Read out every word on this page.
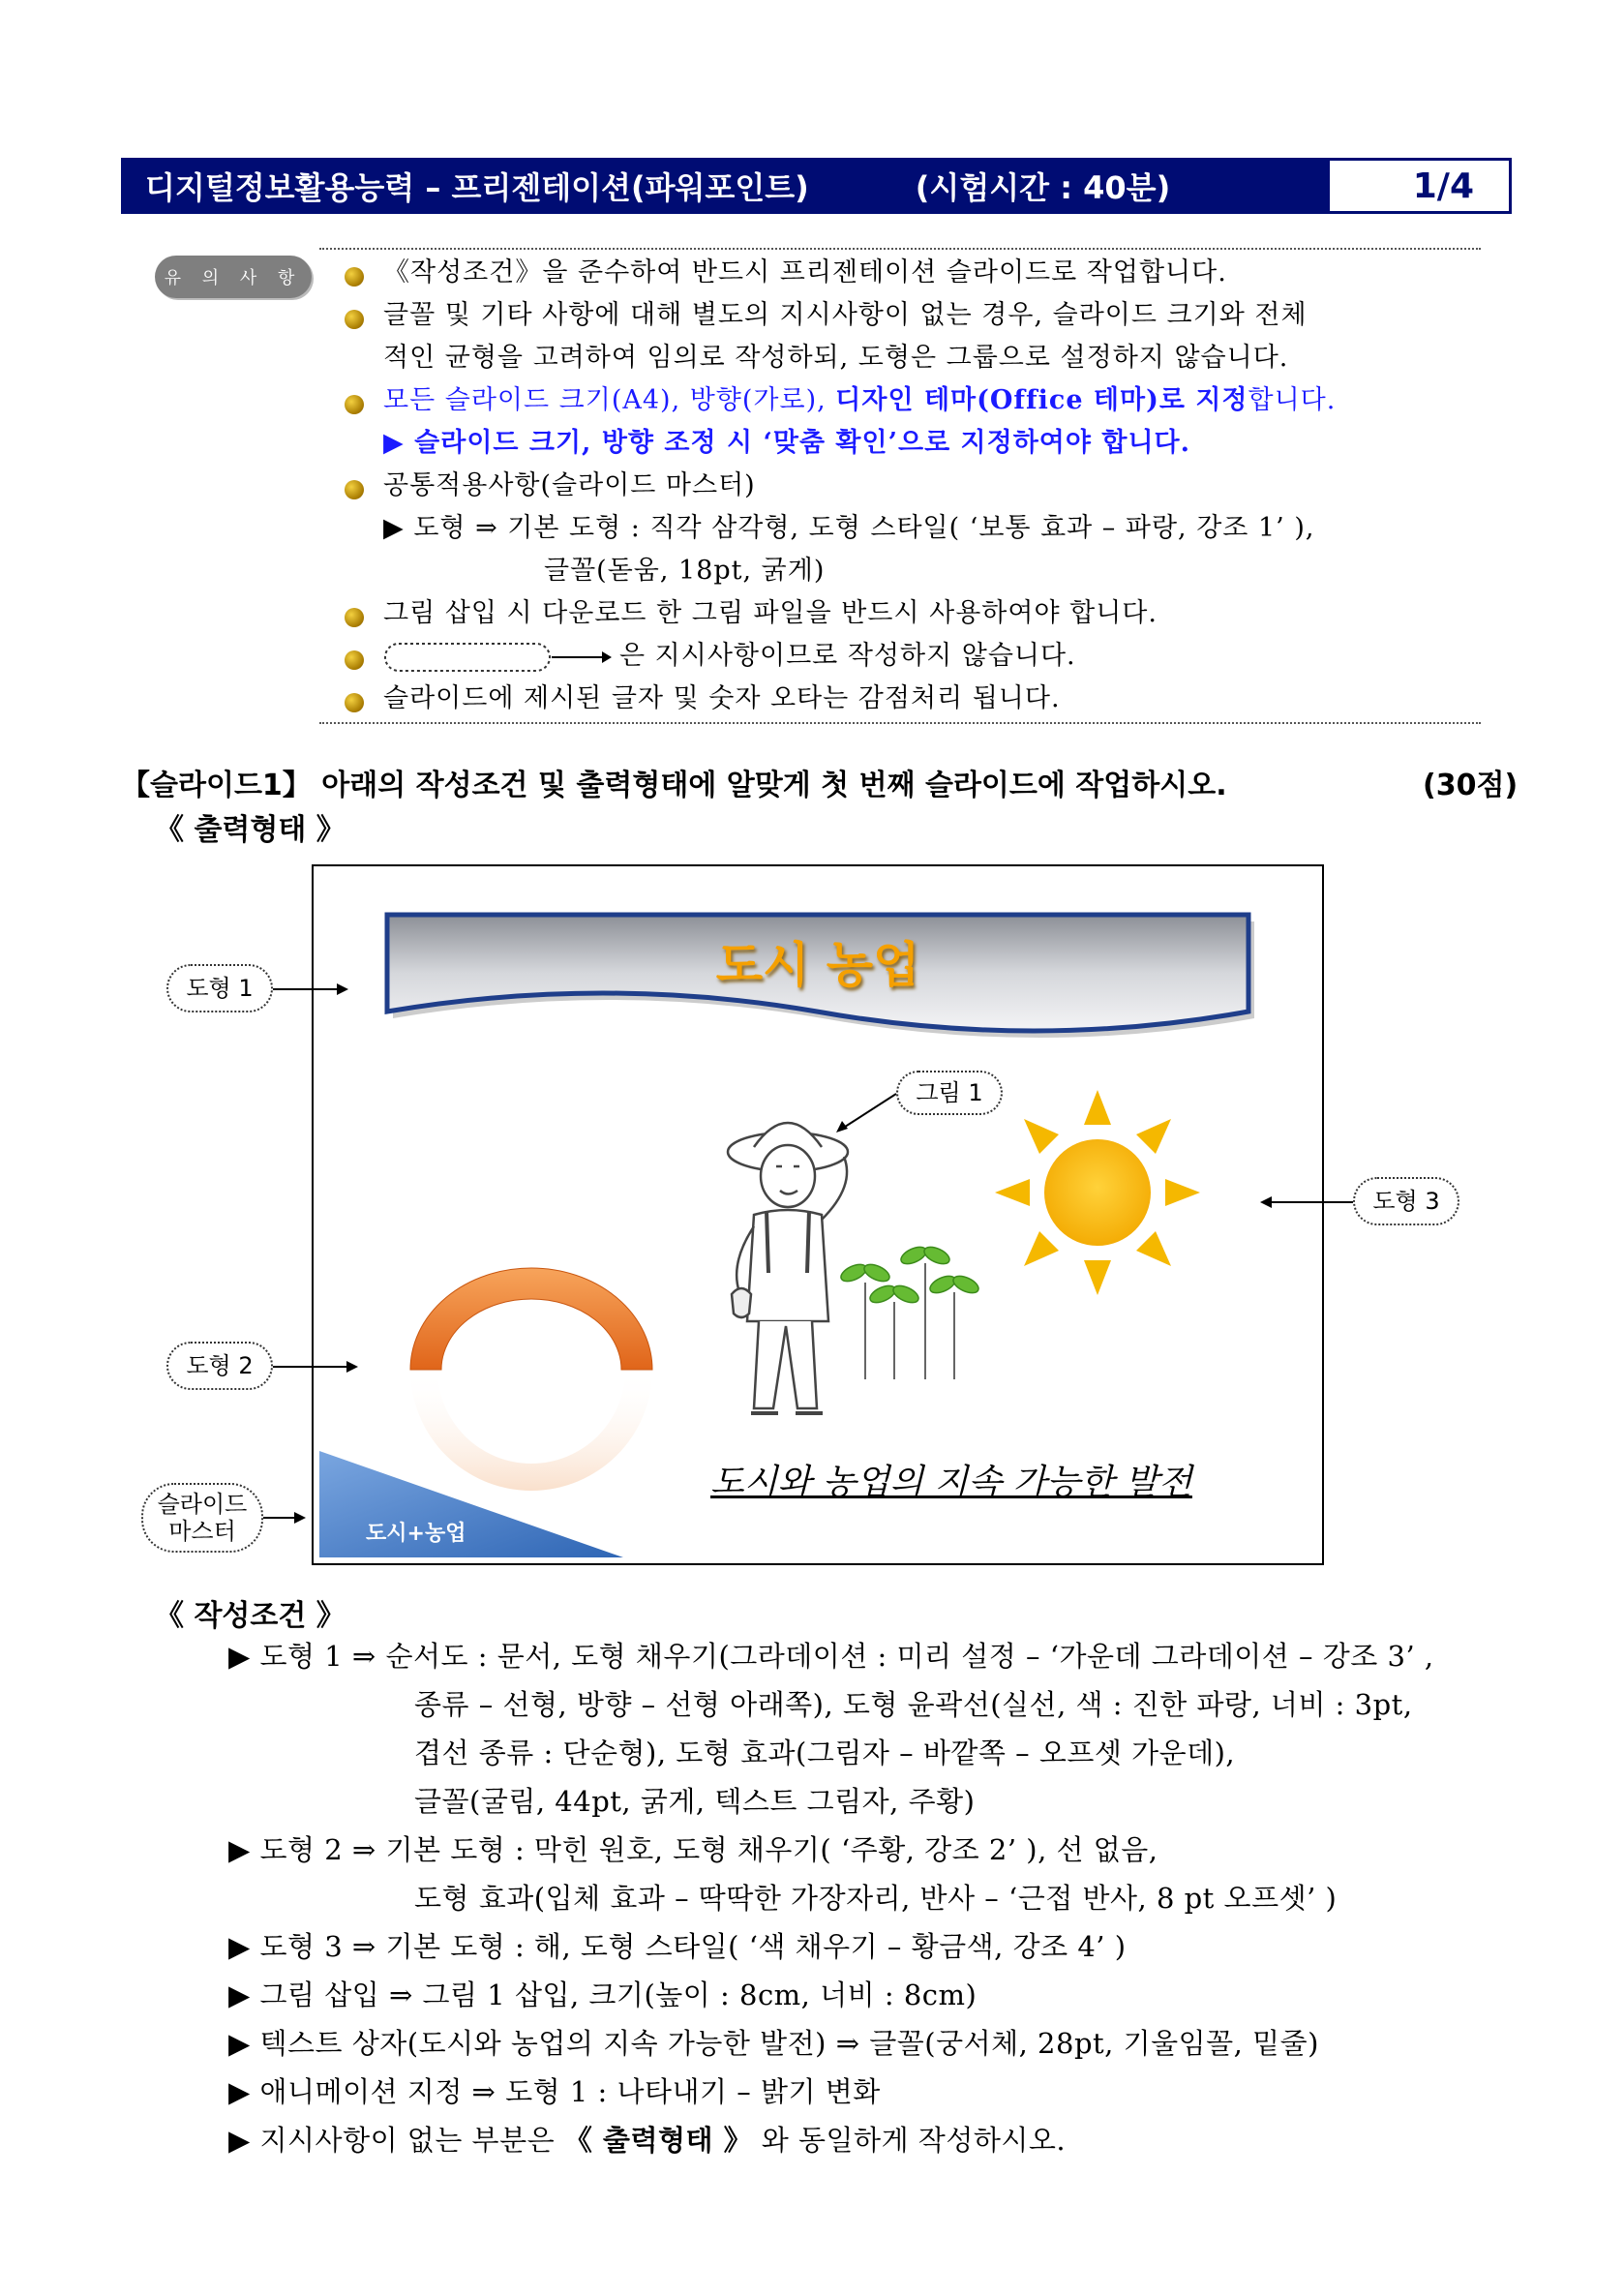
디지털정보활용능력 – 프리젠테이션(파워포인트)	(시험시간 : 40분)	1/4
유 의 사 항	《작성조건》을 준수하여 반드시 프리젠테이션 슬라이드로 작업합니다.
글꼴 및 기타 사항에 대해 별도의 지시사항이 없는 경우, 슬라이드 크기와 전체
적인 균형을 고려하여 임의로 작성하되, 도형은 그룹으로 설정하지 않습니다.
모든 슬라이드 크기(A4), 방향(가로), 디자인 테마(Office 테마)로 지정합니다.
▶ 슬라이드 크기, 방향 조정 시 ‘맞춤 확인’으로 지정하여야 합니다.
공통적용사항(슬라이드 마스터)
▶ 도형 ⇒ 기본 도형 : 직각 삼각형, 도형 스타일( ‘보통 효과 – 파랑, 강조 1’ ),
글꼴(돋움, 18pt, 굵게)
그림 삽입 시 다운로드 한 그림 파일을 반드시 사용하여야 합니다.
은 지시사항이므로 작성하지 않습니다.
슬라이드에 제시된 글자 및 숫자 오타는 감점처리 됩니다.
【슬라이드1】 아래의 작성조건 및 출력형태에 알맞게 첫 번째 슬라이드에 작업하시오.	(30점)
《 출력형태 》
도시 농업
도시와 농업의 지속 가능한 발전
도시+농업
도형 1
도형 2
도형 3
그림 1
슬라이드
마스터
《 작성조건 》
▶ 도형 1 ⇒ 순서도 : 문서, 도형 채우기(그라데이션 : 미리 설정 – ‘가운데 그라데이션 – 강조 3’ ,
종류 – 선형, 방향 – 선형 아래쪽), 도형 윤곽선(실선, 색 : 진한 파랑, 너비 : 3pt,
겹선 종류 : 단순형), 도형 효과(그림자 – 바깥쪽 – 오프셋 가운데),
글꼴(굴림, 44pt, 굵게, 텍스트 그림자, 주황)
▶ 도형 2 ⇒ 기본 도형 : 막힌 원호, 도형 채우기( ‘주황, 강조 2’ ), 선 없음,
도형 효과(입체 효과 – 딱딱한 가장자리, 반사 – ‘근접 반사, 8 pt 오프셋’ )
▶ 도형 3 ⇒ 기본 도형 : 해, 도형 스타일( ‘색 채우기 – 황금색, 강조 4’ )
▶ 그림 삽입 ⇒ 그림 1 삽입, 크기(높이 : 8cm, 너비 : 8cm)
▶ 텍스트 상자(도시와 농업의 지속 가능한 발전) ⇒ 글꼴(궁서체, 28pt, 기울임꼴, 밑줄)
▶ 애니메이션 지정 ⇒ 도형 1 : 나타내기 – 밝기 변화
▶ 지시사항이 없는 부분은 《 출력형태 》 와 동일하게 작성하시오.
